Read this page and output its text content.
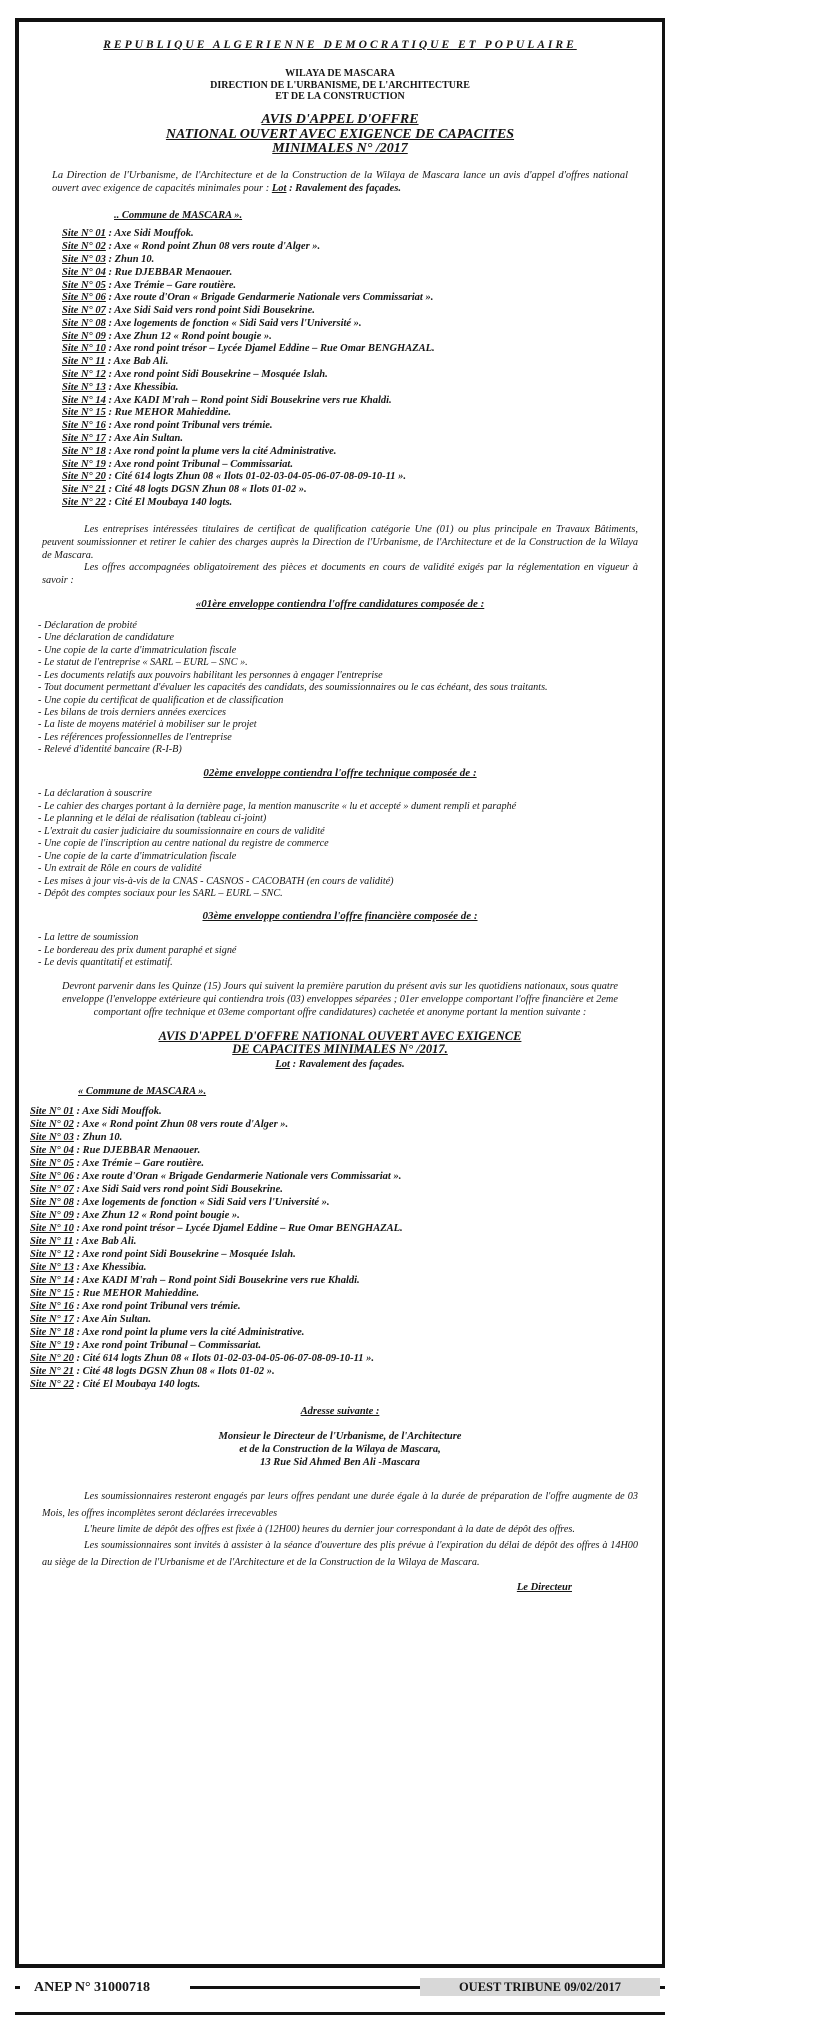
REPUBLIQUE ALGERIENNE DEMOCRATIQUE ET POPULAIRE
WILAYA DE MASCARA
DIRECTION DE L'URBANISME, DE L'ARCHITECTURE
ET DE LA CONSTRUCTION
AVIS D'APPEL D'OFFRE
NATIONAL OUVERT AVEC EXIGENCE DE CAPACITES
MINIMALES N° /2017
La Direction de l'Urbanisme, de l'Architecture et de la Construction de la Wilaya de Mascara lance un avis d'appel d'offres national ouvert avec exigence de capacités minimales pour : Lot : Ravalement des façades.
.. Commune de MASCARA ».
Site N° 01 : Axe Sidi Mouffok.
Site N° 02 : Axe « Rond point Zhun 08 vers route d'Alger ».
Site N° 03 : Zhun 10.
Site N° 04 : Rue DJEBBAR Menaouer.
Site N° 05 : Axe Trémie – Gare routière.
Site N° 06 : Axe route d'Oran « Brigade Gendarmerie Nationale vers Commissariat ».
Site N° 07 : Axe Sidi Said vers rond point Sidi Bousekrine.
Site N° 08 : Axe logements de fonction « Sidi Said vers l'Université ».
Site N° 09 : Axe Zhun 12 « Rond point bougie ».
Site N° 10 : Axe rond point trésor – Lycée Djamel Eddine – Rue Omar BENGHAZAL.
Site N° 11 : Axe Bab Ali.
Site N° 12 : Axe rond point Sidi Bousekrine – Mosquée Islah.
Site N° 13 : Axe Khessibia.
Site N° 14 : Axe KADI M'rah – Rond point Sidi Bousekrine vers rue Khaldi.
Site N° 15 : Rue MEHOR Mahieddine.
Site N° 16 : Axe rond point Tribunal vers trémie.
Site N° 17 : Axe Ain Sultan.
Site N° 18 : Axe rond point la plume vers la cité Administrative.
Site N° 19 : Axe rond point Tribunal – Commissariat.
Site N° 20 : Cité 614 logts Zhun 08 « Ilots 01-02-03-04-05-06-07-08-09-10-11 ».
Site N° 21 : Cité 48 logts DGSN Zhun 08 « Ilots 01-02 ».
Site N° 22 : Cité El Moubaya 140 logts.
Les entreprises intéressées titulaires de certificat de qualification catégorie Une (01) ou plus principale en Travaux Bâtiments, peuvent soumissionner et retirer le cahier des charges auprès la Direction de l'Urbanisme, de l'Architecture et de la Construction de la Wilaya de Mascara.
Les offres accompagnées obligatoirement des pièces et documents en cours de validité exigés par la réglementation en vigueur à savoir :
«01ère enveloppe contiendra l'offre candidatures composée de :
- Déclaration de probité
- Une déclaration de candidature
- Une copie de la carte d'immatriculation fiscale
- Le statut de l'entreprise « SARL – EURL – SNC ».
- Les documents relatifs aux pouvoirs habilitant les personnes à engager l'entreprise
- Tout document permettant d'évaluer les capacités des candidats, des soumissionnaires ou le cas échéant, des sous traitants.
- Une copie du certificat de qualification et de classification
- Les bilans de trois derniers années exercices
- La liste de moyens matériel à mobiliser sur le projet
- Les références professionnelles de l'entreprise
- Relevé d'identité bancaire (R-I-B)
02ème enveloppe contiendra l'offre technique composée de :
- La déclaration à souscrire
- Le cahier des charges portant à la dernière page, la mention manuscrite « lu et accepté » dument rempli et paraphé
- Le planning et le délai de réalisation (tableau ci-joint)
- L'extrait du casier judiciaire du soumissionnaire en cours de validité
- Une copie de l'inscription au centre national du registre de commerce
- Une copie de la carte d'immatriculation fiscale
- Un extrait de Rôle en cours de validité
- Les mises à jour vis-à-vis de la CNAS - CASNOS - CACOBATH (en cours de validité)
- Dépôt des comptes sociaux pour les SARL – EURL – SNC.
03ème enveloppe contiendra l'offre financière composée de :
- La lettre de soumission
- Le bordereau des prix dument paraphé et signé
- Le devis quantitatif et estimatif.
Devront parvenir dans les Quinze (15) Jours qui suivent la première parution du présent avis sur les quotidiens nationaux, sous quatre enveloppe (l'enveloppe extérieure qui contiendra trois (03) enveloppes séparées ; 01er enveloppe comportant l'offre financière et 2eme comportant offre technique et 03eme comportant offre candidatures) cachetée et anonyme portant la mention suivante :
AVIS D'APPEL D'OFFRE NATIONAL OUVERT AVEC EXIGENCE
DE CAPACITES MINIMALES N° /2017.
Lot : Ravalement des façades.
« Commune de MASCARA ».
Site N° 01 : Axe Sidi Mouffok.
Site N° 02 : Axe « Rond point Zhun 08 vers route d'Alger ».
Site N° 03 : Zhun 10.
Site N° 04 : Rue DJEBBAR Menaouer.
Site N° 05 : Axe Trémie – Gare routière.
Site N° 06 : Axe route d'Oran « Brigade Gendarmerie Nationale vers Commissariat ».
Site N° 07 : Axe Sidi Said vers rond point Sidi Bousekrine.
Site N° 08 : Axe logements de fonction « Sidi Said vers l'Université ».
Site N° 09 : Axe Zhun 12 « Rond point bougie ».
Site N° 10 : Axe rond point trésor – Lycée Djamel Eddine – Rue Omar BENGHAZAL.
Site N° 11 : Axe Bab Ali.
Site N° 12 : Axe rond point Sidi Bousekrine – Mosquée Islah.
Site N° 13 : Axe Khessibia.
Site N° 14 : Axe KADI M'rah – Rond point Sidi Bousekrine vers rue Khaldi.
Site N° 15 : Rue MEHOR Mahieddine.
Site N° 16 : Axe rond point Tribunal vers trémie.
Site N° 17 : Axe Ain Sultan.
Site N° 18 : Axe rond point la plume vers la cité Administrative.
Site N° 19 : Axe rond point Tribunal – Commissariat.
Site N° 20 : Cité 614 logts Zhun 08 « Ilots 01-02-03-04-05-06-07-08-09-10-11 ».
Site N° 21 : Cité 48 logts DGSN Zhun 08 « Ilots 01-02 ».
Site N° 22 : Cité El Moubaya 140 logts.
Adresse suivante :
Monsieur le Directeur de l'Urbanisme, de l'Architecture
et de la Construction de la Wilaya de Mascara,
13 Rue Sid Ahmed Ben Ali -Mascara
Les soumissionnaires resteront engagés par leurs offres pendant une durée égale à la durée de préparation de l'offre augmente de 03 Mois, les offres incomplètes seront déclarées irrecevables
L'heure limite de dépôt des offres est fixée à (12H00) heures du dernier jour correspondant à la date de dépôt des offres.
Les soumissionnaires sont invités à assister à la séance d'ouverture des plis prévue à l'expiration du délai de dépôt des offres à 14H00 au siège de la Direction de l'Urbanisme et de l'Architecture et de la Construction de la Wilaya de Mascara.
Le Directeur
ANEP N° 31000718	OUEST TRIBUNE 09/02/2017
